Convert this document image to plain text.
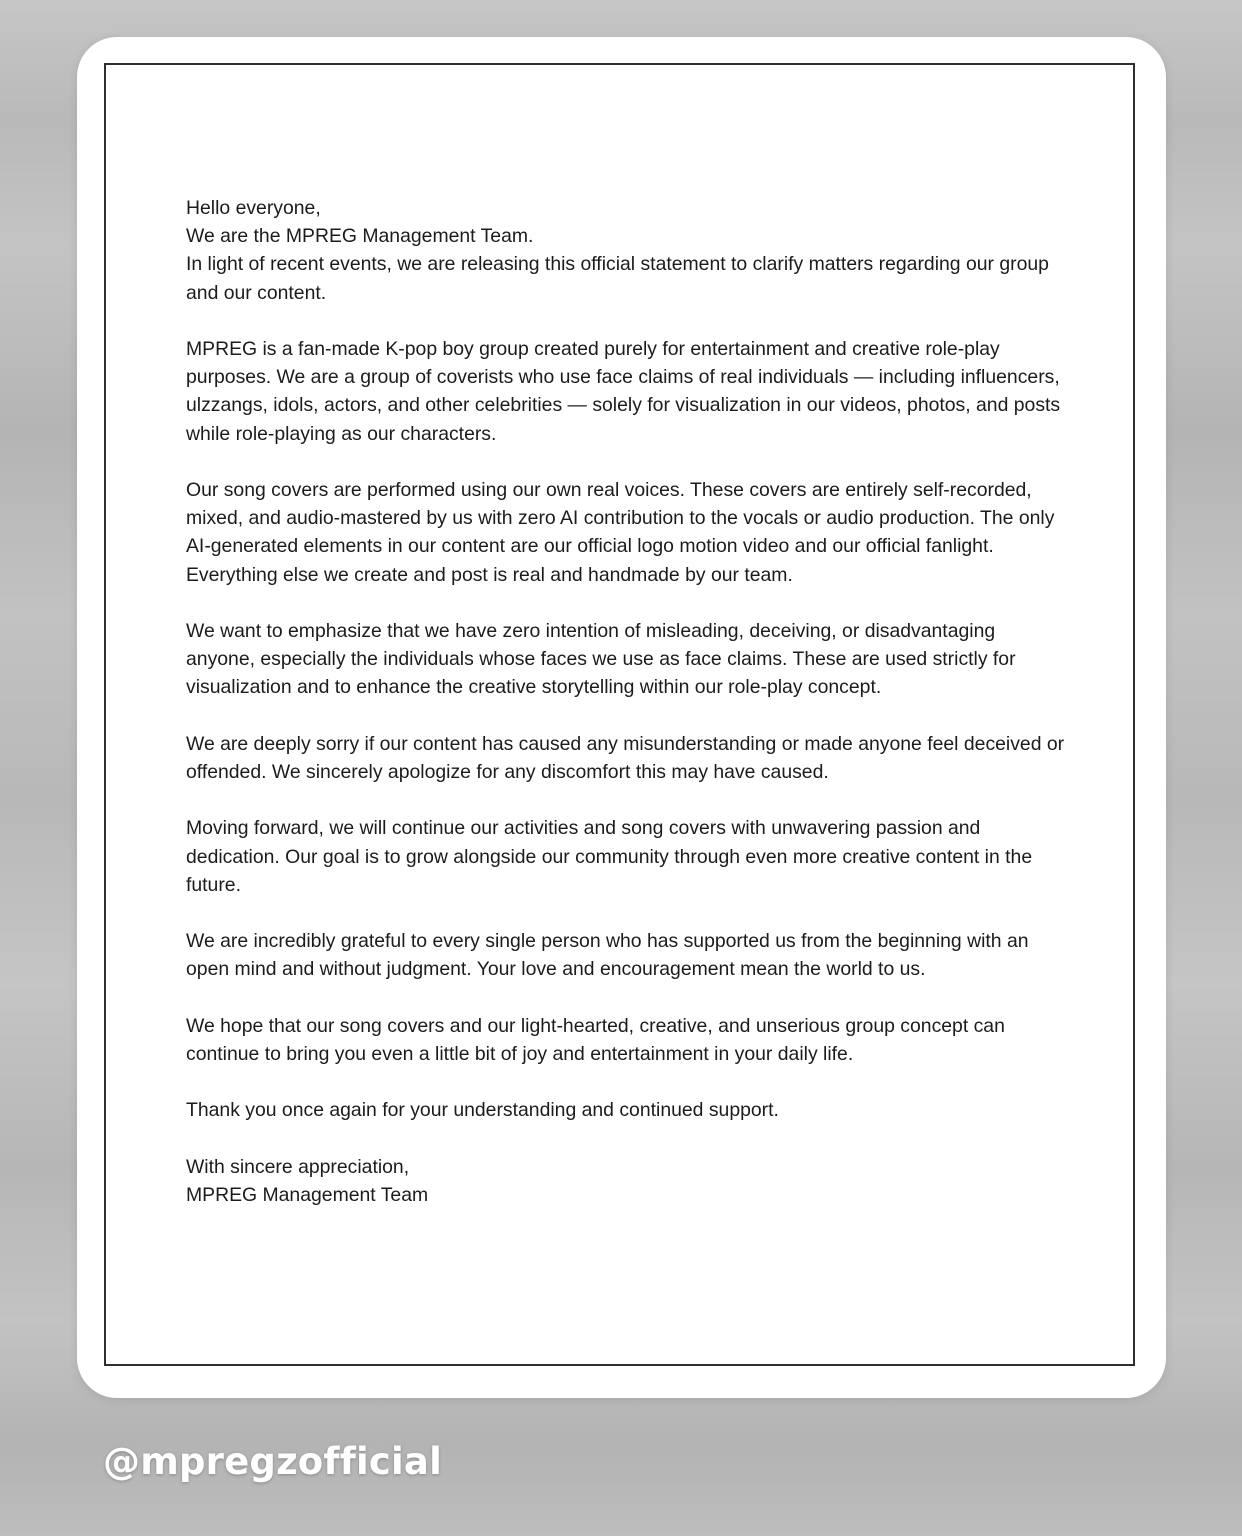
Hello everyone,

We are the MPREG Management Team.

In light of recent events, we are releasing this official statement to clarify matters regarding our group and our content.

MPREG is a fan-made K-pop boy group created purely for entertainment and creative role-play purposes. We are a group of coverists who use face claims of real individuals — including influencers, ulzzangs, idols, actors, and other celebrities — solely for visualization in our videos, photos, and posts while role-playing as our characters.

Our song covers are performed using our own real voices. These covers are entirely self-recorded, mixed, and audio-mastered by us with zero AI contribution to the vocals or audio production. The only AI-generated elements in our content are our official logo motion video and our official fanlight. Everything else we create and post is real and handmade by our team.

We want to emphasize that we have zero intention of misleading, deceiving, or disadvantaging anyone, especially the individuals whose faces we use as face claims. These are used strictly for visualization and to enhance the creative storytelling within our role-play concept.

We are deeply sorry if our content has caused any misunderstanding or made anyone feel deceived or offended. We sincerely apologize for any discomfort this may have caused.

Moving forward, we will continue our activities and song covers with unwavering passion and dedication. Our goal is to grow alongside our community through even more creative content in the future.

We are incredibly grateful to every single person who has supported us from the beginning with an open mind and without judgment. Your love and encouragement mean the world to us.

We hope that our song covers and our light-hearted, creative, and unserious group concept can continue to bring you even a little bit of joy and entertainment in your daily life.

Thank you once again for your understanding and continued support.

With sincere appreciation,

MPREG Management Team

@mpregzofficial
